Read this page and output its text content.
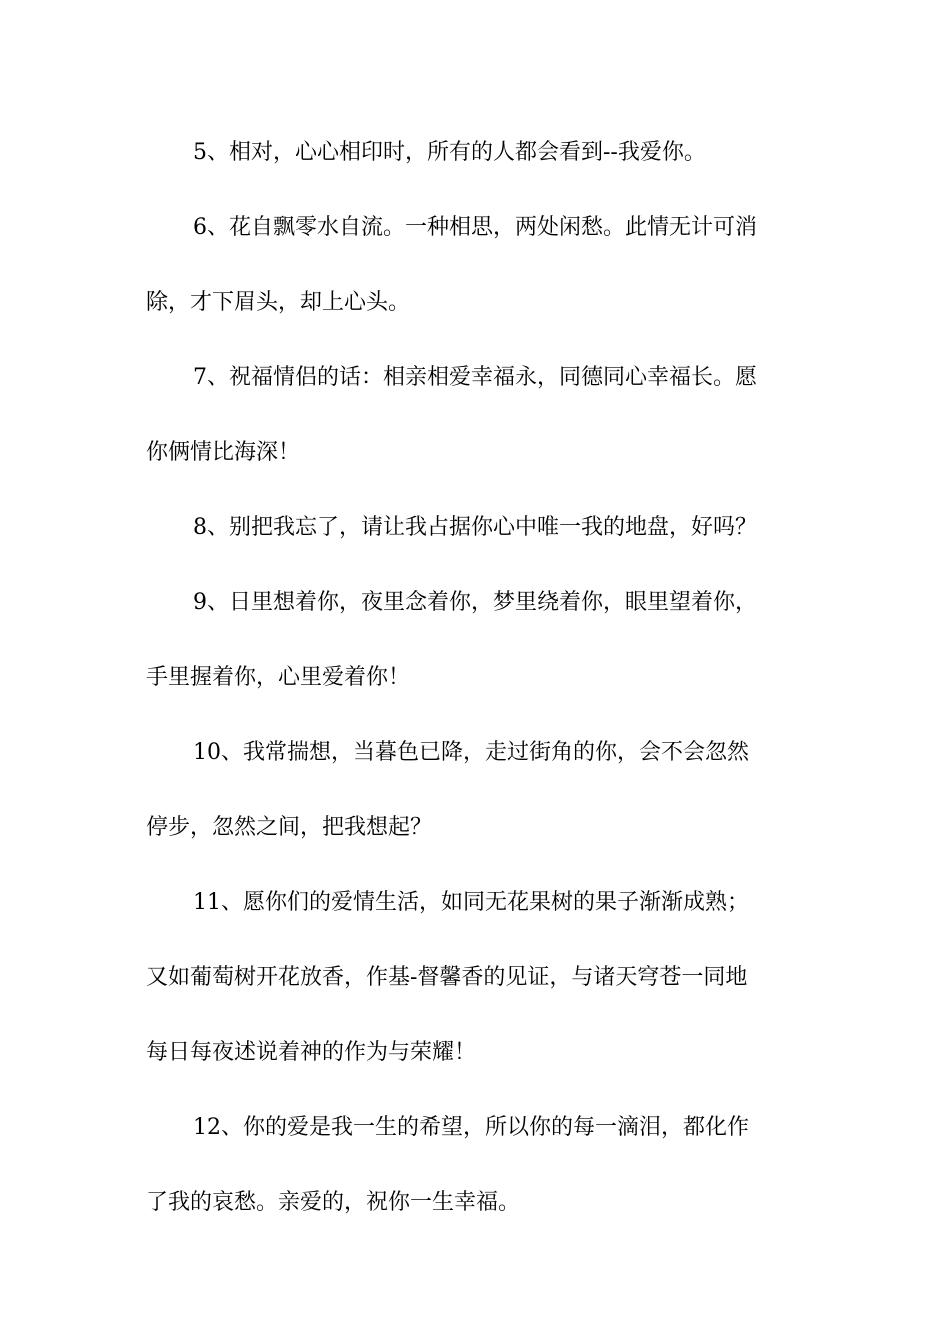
5、相对，心心相印时，所有的人都会看到--我爱你。
6、花自飘零水自流。一种相思，两处闲愁。此情无计可消
除，才下眉头，却上心头。
7、祝福情侣的话：相亲相爱幸福永，同德同心幸福长。愿
你俩情比海深！
8、别把我忘了，请让我占据你心中唯一我的地盘，好吗？
9、日里想着你，夜里念着你，梦里绕着你，眼里望着你，
手里握着你，心里爱着你！
10、我常揣想，当暮色已降，走过街角的你，会不会忽然
停步，忽然之间，把我想起？
11、愿你们的爱情生活，如同无花果树的果子渐渐成熟；
又如葡萄树开花放香，作基-督馨香的见证，与诸天穹苍一同地
每日每夜述说着神的作为与荣耀！
12、你的爱是我一生的希望，所以你的每一滴泪，都化作
了我的哀愁。亲爱的，祝你一生幸福。
